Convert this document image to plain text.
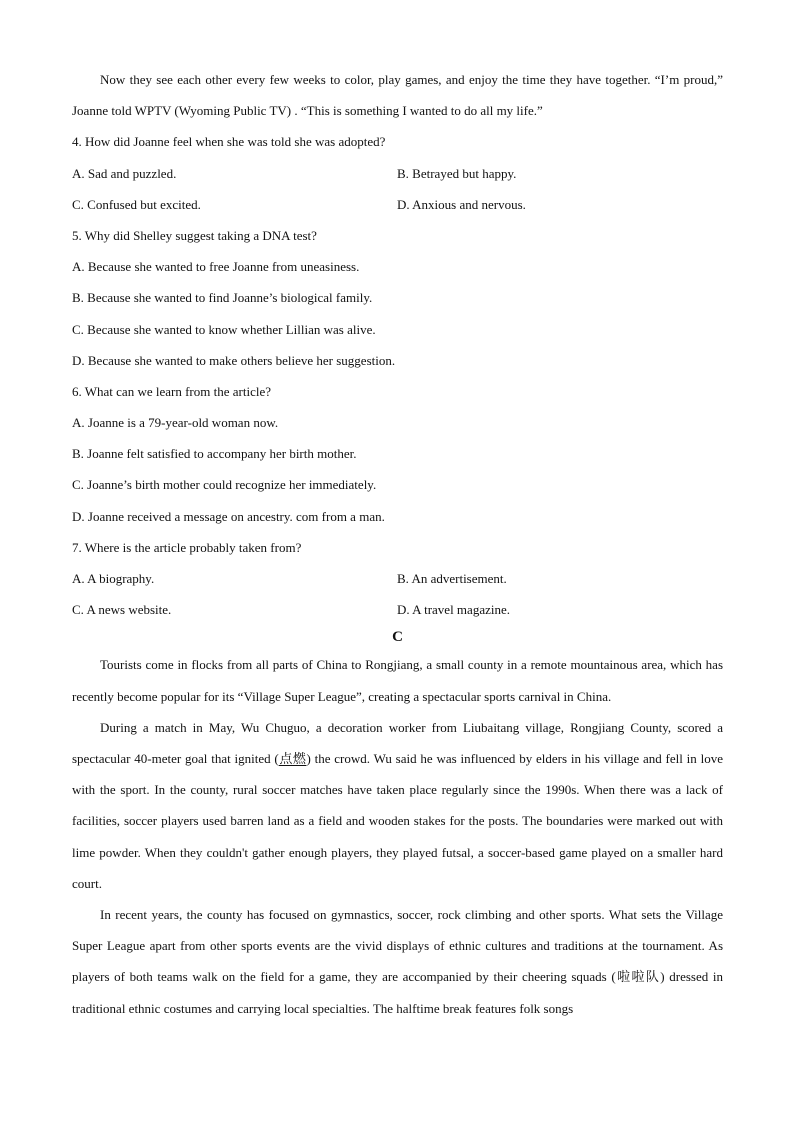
Now they see each other every few weeks to color, play games, and enjoy the time they have together. “I’m proud,” Joanne told WPTV (Wyoming Public TV) . “This is something I wanted to do all my life.”

4. How did Joanne feel when she was told she was adopted?
A. Sad and puzzled.	B. Betrayed but happy.
C. Confused but excited.	D. Anxious and nervous.
5. Why did Shelley suggest taking a DNA test?
A. Because she wanted to free Joanne from uneasiness.
B. Because she wanted to find Joanne’s biological family.
C. Because she wanted to know whether Lillian was alive.
D. Because she wanted to make others believe her suggestion.
6. What can we learn from the article?
A. Joanne is a 79-year-old woman now.
B. Joanne felt satisfied to accompany her birth mother.
C. Joanne’s birth mother could recognize her immediately.
D. Joanne received a message on ancestry. com from a man.
7. Where is the article probably taken from?
A. A biography.	B. An advertisement.
C. A news website.	D. A travel magazine.
C

Tourists come in flocks from all parts of China to Rongjiang, a small county in a remote mountainous area, which has recently become popular for its “Village Super League”, creating a spectacular sports carnival in China.

During a match in May, Wu Chuguo, a decoration worker from Liubaitang village, Rongjiang County, scored a spectacular 40-meter goal that ignited (点燃) the crowd. Wu said he was influenced by elders in his village and fell in love with the sport. In the county, rural soccer matches have taken place regularly since the 1990s. When there was a lack of facilities, soccer players used barren land as a field and wooden stakes for the posts. The boundaries were marked out with lime powder. When they couldn't gather enough players, they played futsal, a soccer-based game played on a smaller hard court.

In recent years, the county has focused on gymnastics, soccer, rock climbing and other sports. What sets the Village Super League apart from other sports events are the vivid displays of ethnic cultures and traditions at the tournament. As players of both teams walk on the field for a game, they are accompanied by their cheering squads (啦啦队) dressed in traditional ethnic costumes and carrying local specialties. The halftime break features folk songs
